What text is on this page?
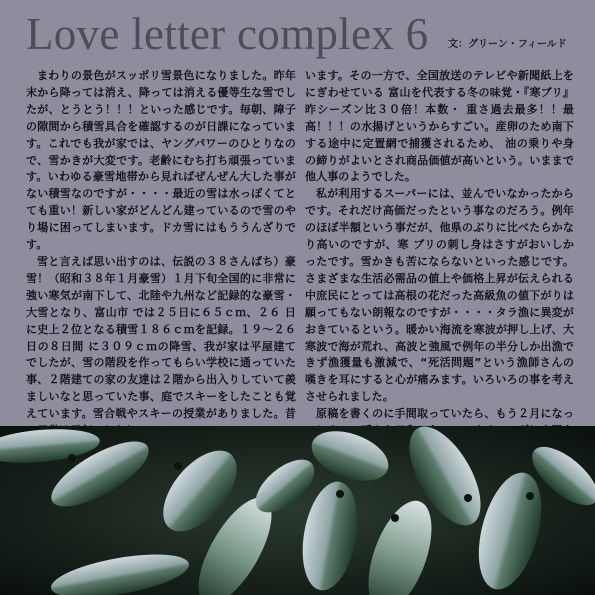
Love letter complex 6 文：グリーン・フィールド

まわりの景色がスッポリ雪景色になりました。昨年末から降っては消え、降っては消える優等生な雪でしたが、とうとう！！！といった感じです。毎朝、障子の隙間から積雪具合を確認するのが日課になっています。これでも我が家では、ヤングパワーのひとりなので、雪かきが大変です。老齢にむち打ち頑張っています。いわゆる豪雪地帯から見ればぜんぜん大した事がない積雪なのですが・・・・最近の雪は水っぽくてとても重い！新しい家がどんどん建っているので雪のやり場に困ってしまいます。ドカ雪にはもううんざりです。

雪と言えば思い出すのは、伝説の３８さんぱち）豪雪！（昭和３８年１月豪雪）１月下旬全国的に非常に強い寒気が南下して、北陸や九州など記録的な豪雪・大雪となり、富山市 では２５日に６５ｃｍ、２６ 日に史上２位となる積雪１８６ｃｍを記録。１９～２６日の８日間 に３０９ｃｍの降雪、我が家は平屋建てでしたが、雪の階段を作ってもらい学校に通っていた事、２階建ての家の友達は２階から出入りしていて羨ましいなと思っていた事、庭でスキーをしたことも覚えています。雪合戦やスキーの授業がありました。昔

います。その一方で、全国放送のテレビや新聞紙上をにぎわせている 富山を代表する冬の味覚・『寒ブリ』昨シーズン比３０倍！本数・ 重さ過去最多！！最高！！！の水揚げというからすごい。産卵のため南下する途中に定置網で捕獲されるため、 油の乗りや身の締りがよいとされ商品価値が高いという。いままで 他人事のようでした。

私が利用するスーパーには、並んでいなかったからです。それだけ高価だったという事なのだろう。例年のほぼ半額という事だが、他県のぶりに比べたらかなり高いのですが、寒 ブリの刺し身はさすがおいしかったです。雪かきも苦にならないといった感じです。さまざまな生活必需品の値上や価格上昇が伝えられる中庶民にとっては高根の花だった高級魚の値下がりは願ってもない朗報なのですが・・・・タラ漁に異変がおきているという。暖かい海流を寒波が押し上げ、大寒波で海が荒れ、高波と強風で例年の半分しか出漁できず漁獲量も激減で、“死活問題”という漁師さんの嘆きを耳にすると心が痛みます。いろいろの事を考えさせられました。

原稿を書くのに手間取っていたら、もう２月になっ
